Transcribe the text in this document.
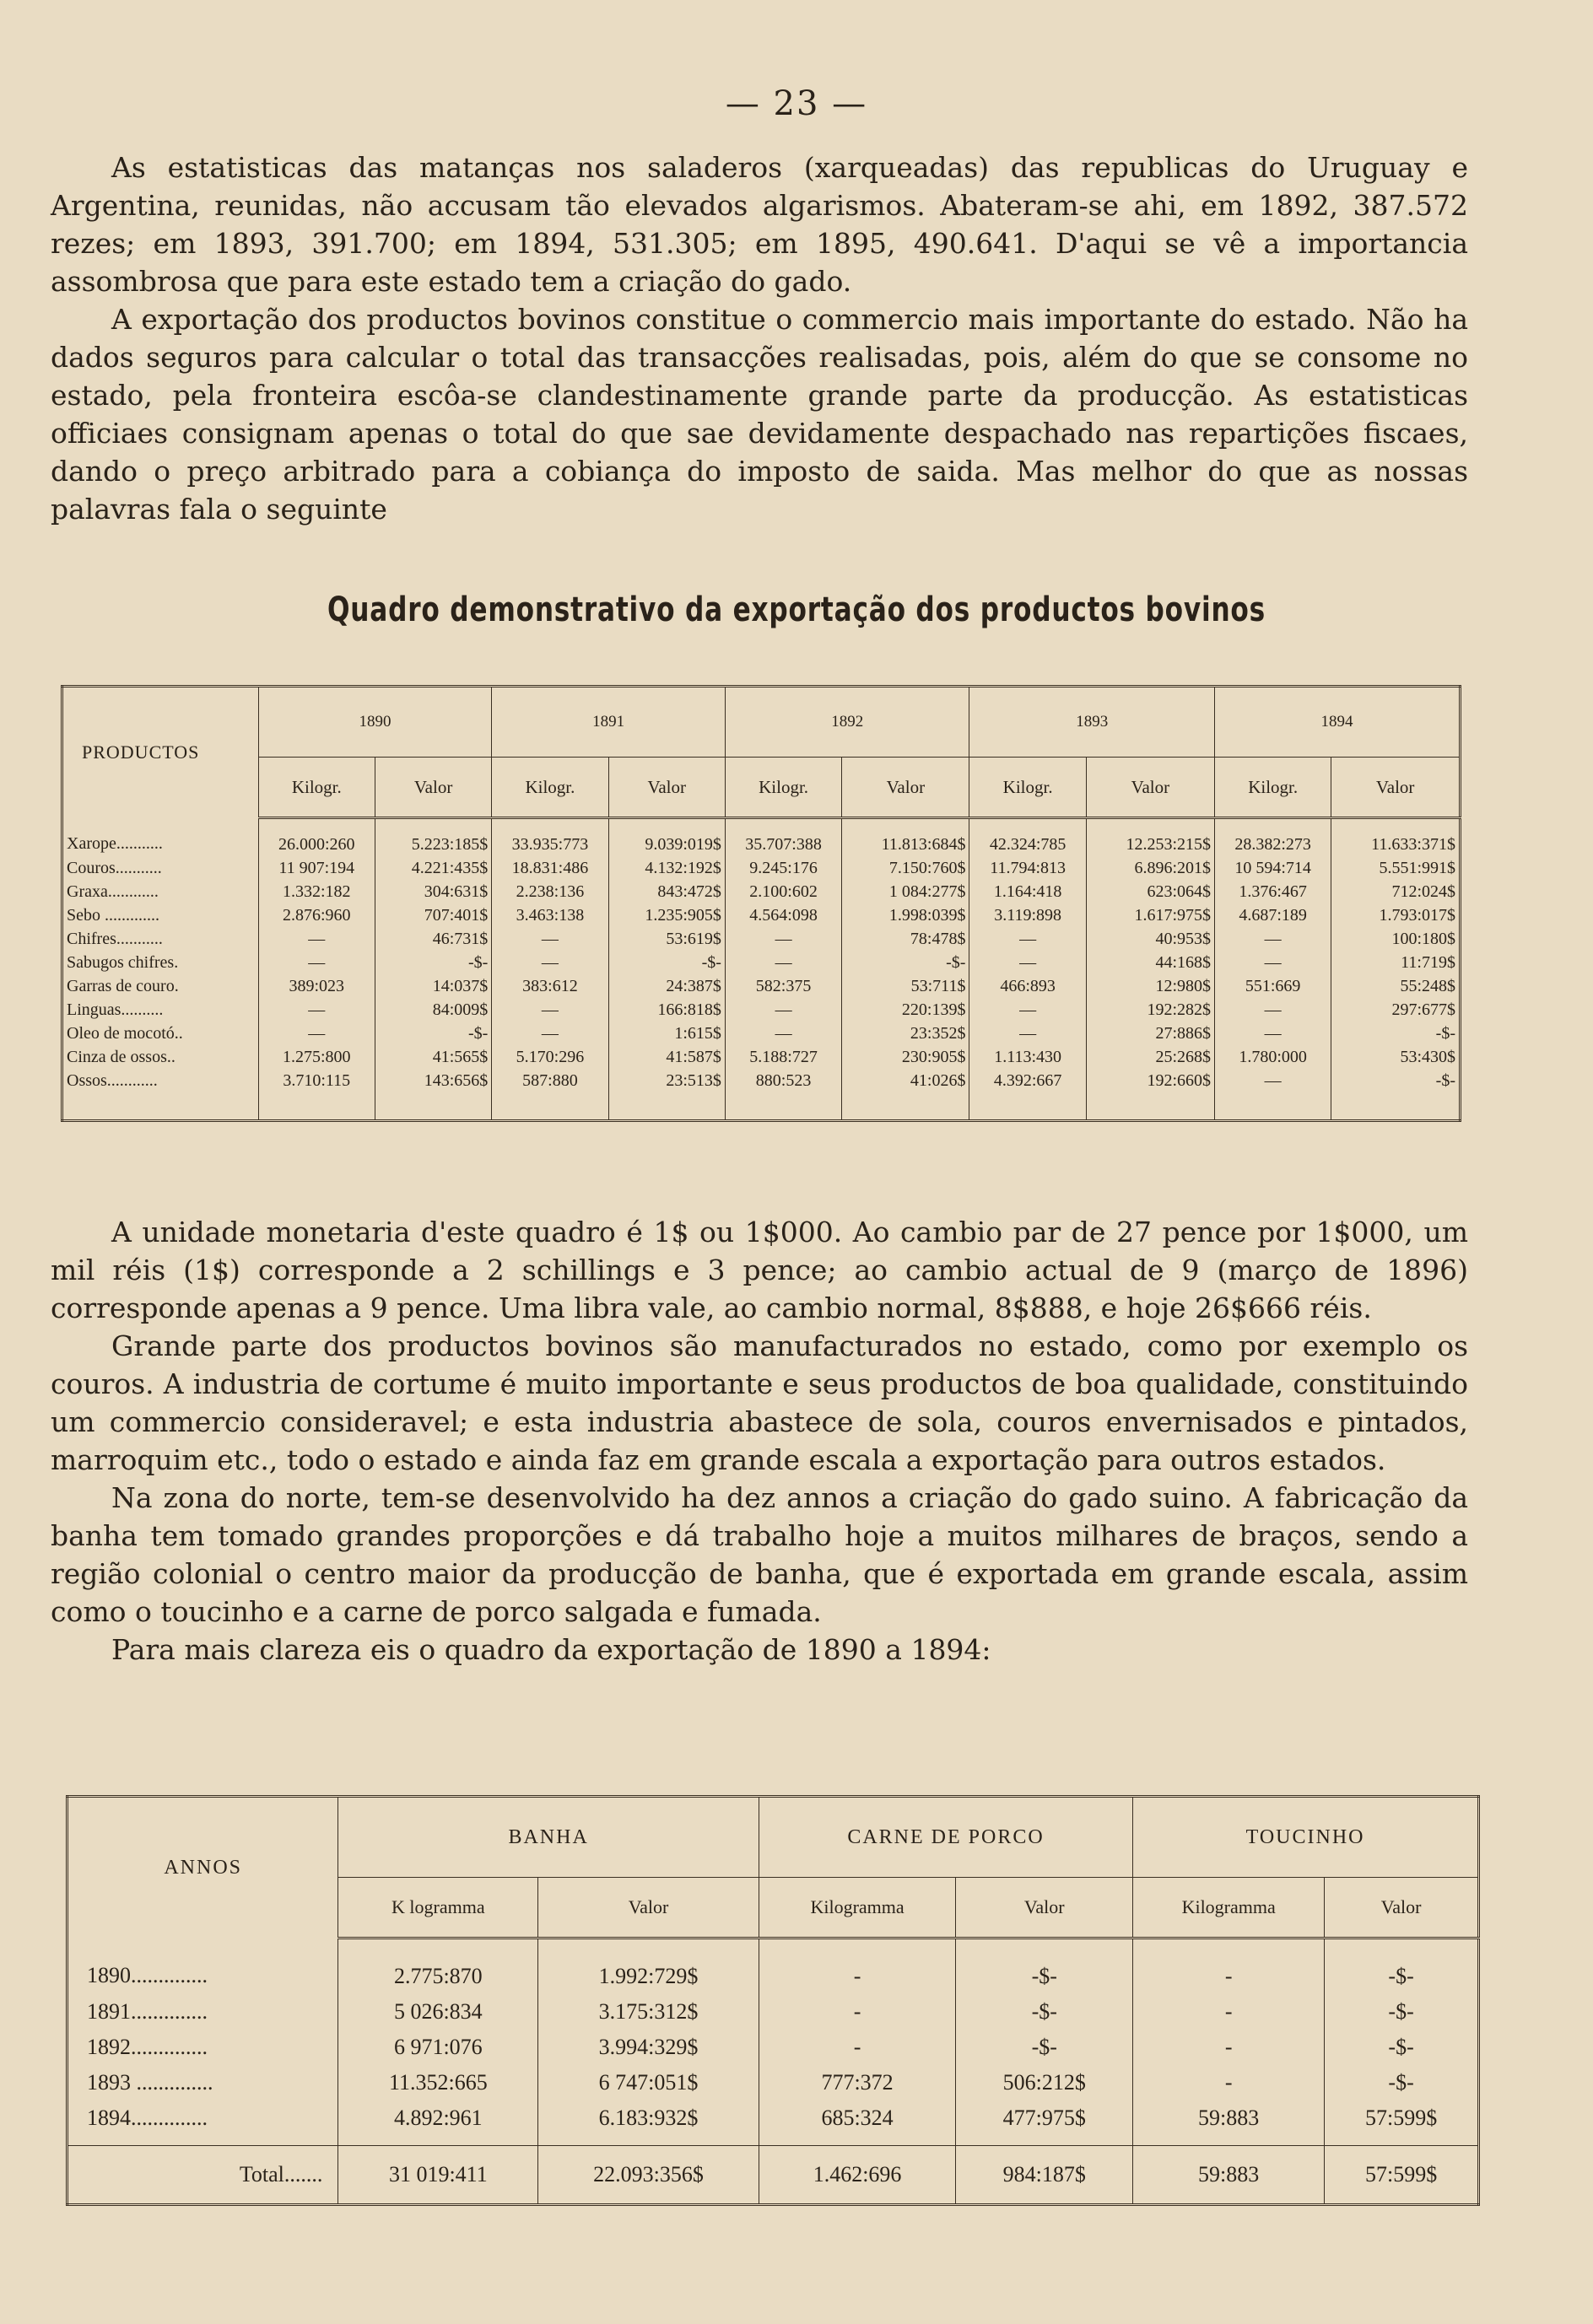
— 23 —

As estatisticas das matanças nos saladeros (xarqueadas) das republicas do Uruguay e Argentina, reunidas, não accusam tão elevados algarismos. Abateram-se ahi, em 1892, 387.572 rezes; em 1893, 391.700; em 1894, 531.305; em 1895, 490.641. D'aqui se vê a importancia assombrosa que para este estado tem a criação do gado.

A exportação dos productos bovinos constitue o commercio mais importante do estado. Não ha dados seguros para calcular o total das transacções realisadas, pois, além do que se consome no estado, pela fronteira escôa-se clandestinamente grande parte da producção. As estatisticas officiaes consignam apenas o total do que sae devidamente despachado nas repartições fiscaes, dando o preço arbitrado para a cobiança do imposto de saida. Mas melhor do que as nossas palavras fala o seguinte

Quadro demonstrativo da exportação dos productos bovinos
PRODUCTOS	1890		1891		1892		1893		1894	
	Kilogr.	Valor	Kilogr.	Valor	Kilogr.	Valor	Kilogr.	Valor	Kilogr.	Valor
Xarope...........	26.000:260	5.223:185$	33.935:773	9.039:019$	35.707:388	11.813:684$	42.324:785	12.253:215$	28.382:273	11.633:371$
Couros...........	11 907:194	4.221:435$	18.831:486	4.132:192$	9.245:176	7.150:760$	11.794:813	6.896:201$	10 594:714	5.551:991$
Graxa............	1.332:182	304:631$	2.238:136	843:472$	2.100:602	1 084:277$	1.164:418	623:064$	1.376:467	712:024$
Sebo .............	2.876:960	707:401$	3.463:138	1.235:905$	4.564:098	1.998:039$	3.119:898	1.617:975$	4.687:189	1.793:017$
Chifres...........	—	46:731$	—	53:619$	—	78:478$	—	40:953$	—	100:180$
Sabugos chifres.	—	-$-	—	-$-	—	-$-	—	44:168$	—	11:719$
Garras de couro.	389:023	14:037$	383:612	24:387$	582:375	53:711$	466:893	12:980$	551:669	55:248$
Linguas..........	—	84:009$	—	166:818$	—	220:139$	—	192:282$	—	297:677$
Oleo de mocotó..	—	-$-	—	1:615$	—	23:352$	—	27:886$	—	-$-
Cinza de ossos..	1.275:800	41:565$	5.170:296	41:587$	5.188:727	230:905$	1.113:430	25:268$	1.780:000	53:430$
Ossos............	3.710:115	143:656$	587:880	23:513$	880:523	41:026$	4.392:667	192:660$	—	-$-

A unidade monetaria d'este quadro é 1$ ou 1$000. Ao cambio par de 27 pence por 1$000, um mil réis (1$) corresponde a 2 schillings e 3 pence; ao cambio actual de 9 (março de 1896) corresponde apenas a 9 pence. Uma libra vale, ao cambio normal, 8$888, e hoje 26$666 réis.

Grande parte dos productos bovinos são manufacturados no estado, como por exemplo os couros. A industria de cortume é muito importante e seus productos de boa qualidade, constituindo um commercio consideravel; e esta industria abastece de sola, couros envernisados e pintados, marroquim etc., todo o estado e ainda faz em grande escala a exportação para outros estados.

Na zona do norte, tem-se desenvolvido ha dez annos a criação do gado suino. A fabricação da banha tem tomado grandes proporções e dá trabalho hoje a muitos milhares de braços, sendo a região colonial o centro maior da producção de banha, que é exportada em grande escala, assim como o toucinho e a carne de porco salgada e fumada.

Para mais clareza eis o quadro da exportação de 1890 a 1894:

ANNOS	BANHA		CARNE DE PORCO		TOUCINHO	
	K logramma	Valor	Kilogramma	Valor	Kilogramma	Valor
1890..............	2.775:870	1.992:729$	-	-$-	-	-$-
1891..............	5 026:834	3.175:312$	-	-$-	-	-$-
1892..............	6 971:076	3.994:329$	-	-$-	-	-$-
1893 ..............	11.352:665	6 747:051$	777:372	506:212$	-	-$-
1894..............	4.892:961	6.183:932$	685:324	477:975$	59:883	57:599$
Total.......	31 019:411	22.093:356$	1.462:696	984:187$	59:883	57:599$
